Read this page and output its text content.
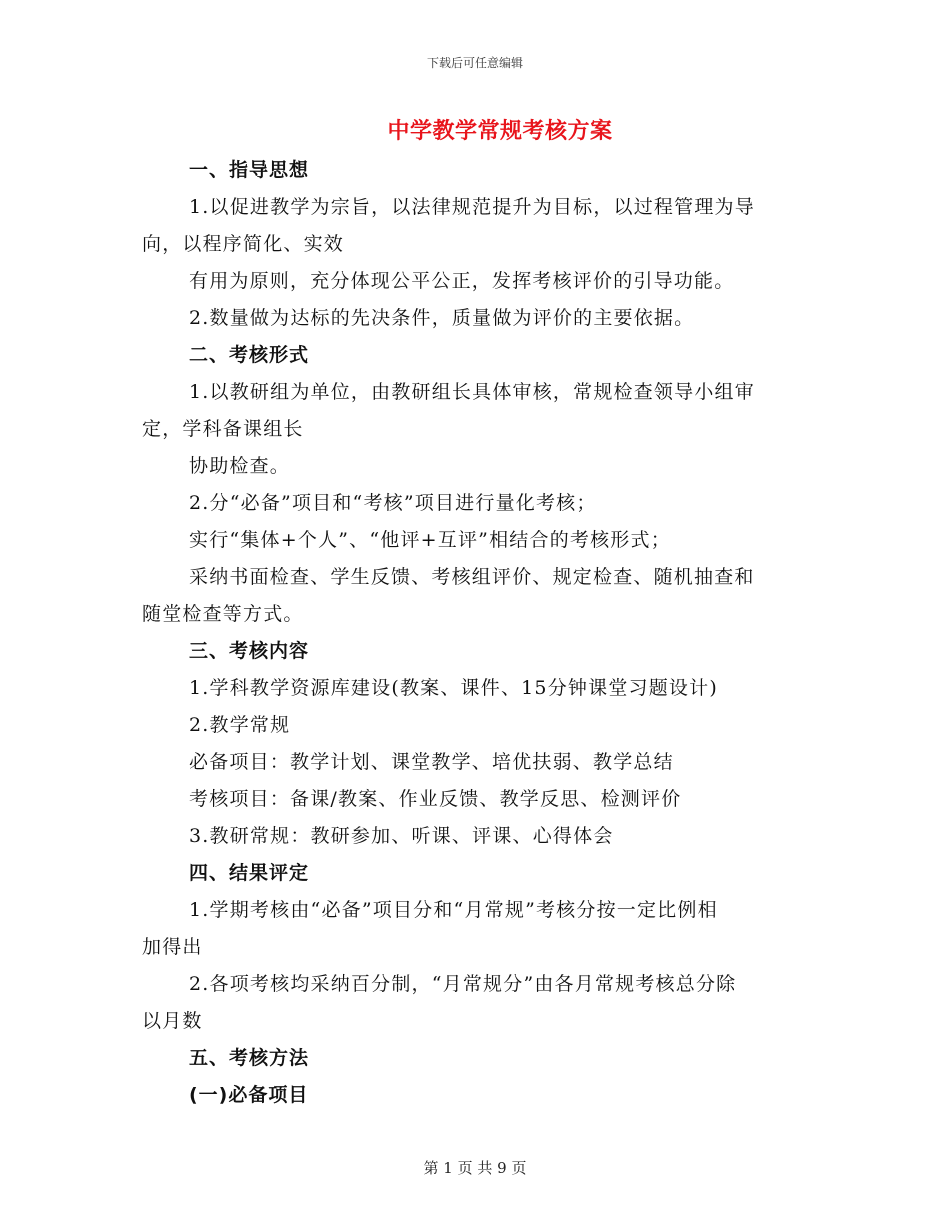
下载后可任意编辑
中学教学常规考核方案
一、指导思想
1.以促进教学为宗旨，以法律规范提升为目标，以过程管理为导
向，以程序简化、实效
有用为原则，充分体现公平公正，发挥考核评价的引导功能。
2.数量做为达标的先决条件，质量做为评价的主要依据。
二、考核形式
1.以教研组为单位，由教研组长具体审核，常规检查领导小组审
定，学科备课组长
协助检查。
2.分“必备”项目和“考核”项目进行量化考核；
实行“集体+个人”、“他评+互评”相结合的考核形式；
采纳书面检查、学生反馈、考核组评价、规定检查、随机抽查和
随堂检查等方式。
三、考核内容
1.学科教学资源库建设(教案、课件、15分钟课堂习题设计)
2.教学常规
必备项目：教学计划、课堂教学、培优扶弱、教学总结
考核项目：备课/教案、作业反馈、教学反思、检测评价
3.教研常规：教研参加、听课、评课、心得体会
四、结果评定
1.学期考核由“必备”项目分和“月常规”考核分按一定比例相
加得出
2.各项考核均采纳百分制，“月常规分”由各月常规考核总分除
以月数
五、考核方法
(一)必备项目
第 1 页 共 9 页
